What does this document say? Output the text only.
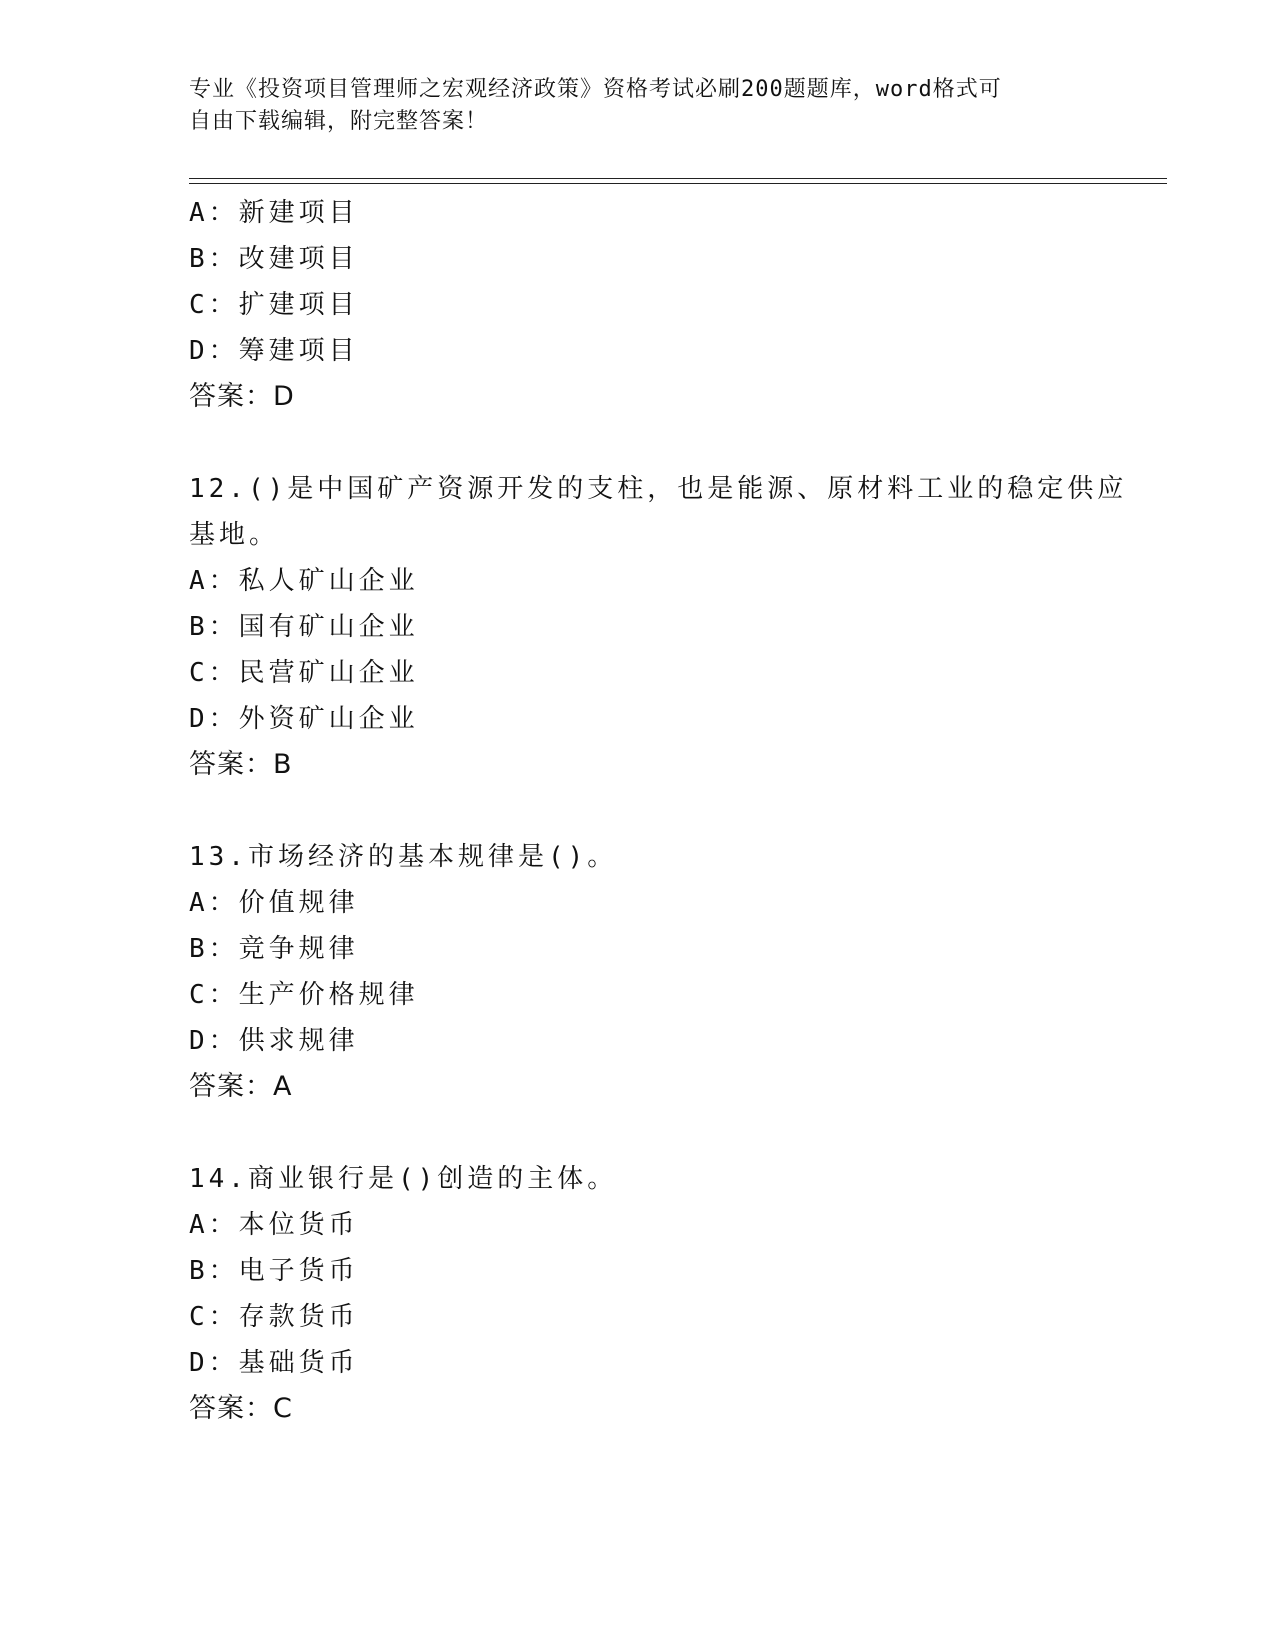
专业《投资项目管理师之宏观经济政策》资格考试必刷200题题库，word格式可
自由下载编辑，附完整答案！
A：新建项目
B：改建项目
C：扩建项目
D：筹建项目
答案：D
12.()是中国矿产资源开发的支柱，也是能源、原材料工业的稳定供应
基地。
A：私人矿山企业
B：国有矿山企业
C：民营矿山企业
D：外资矿山企业
答案：B
13.市场经济的基本规律是()。
A：价值规律
B：竞争规律
C：生产价格规律
D：供求规律
答案：A
14.商业银行是()创造的主体。
A：本位货币
B：电子货币
C：存款货币
D：基础货币
答案：C
